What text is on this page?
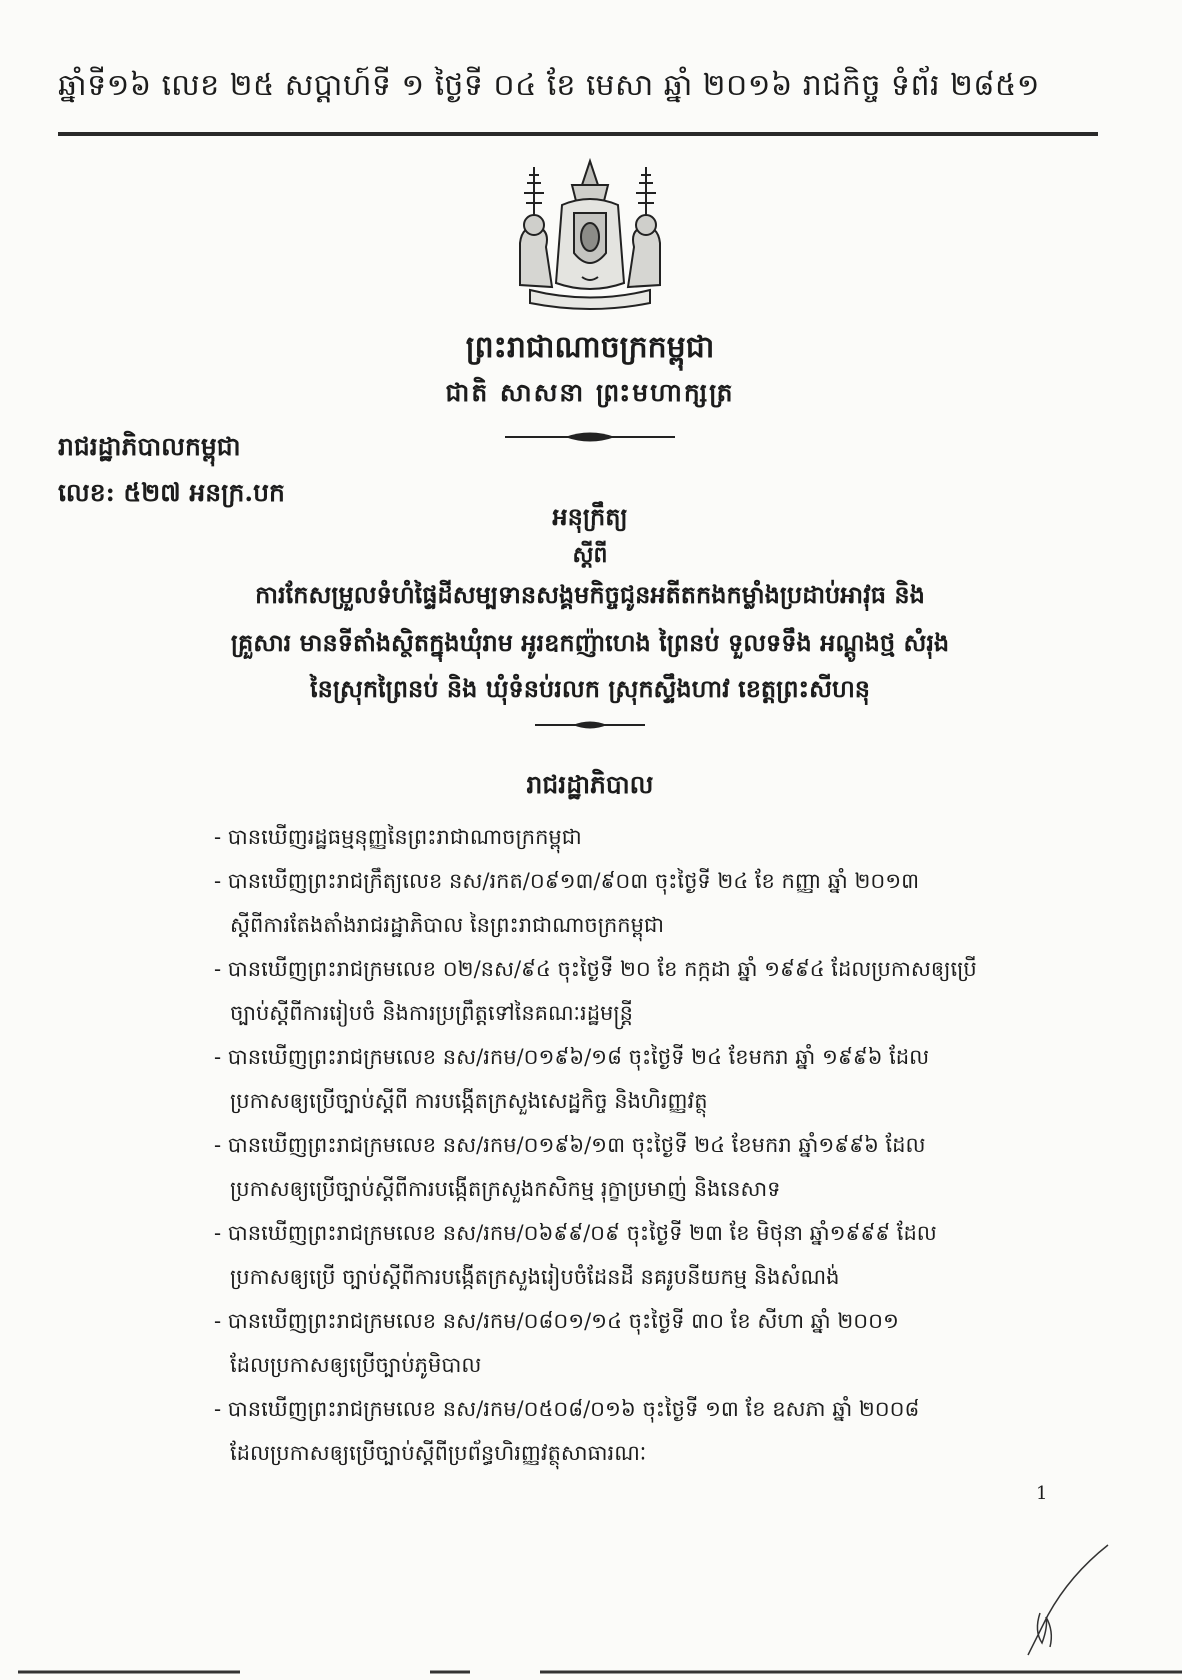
ឆ្នាំទី១៦ លេខ ២៥ សប្ដាហ៍ទី ១ ថ្ងៃទី ០៤ ខែ មេសា ឆ្នាំ ២០១៦ រាជកិច្ច ទំព័រ ២៨៥១
ព្រះរាជាណាចក្រកម្ពុជា
ជាតិ សាសនា ព្រះមហាក្សត្រ
រាជរដ្ឋាភិបាលកម្ពុជា
លេខ: ៥២៧ អនក្រ.បក
អនុក្រឹត្យ
ស្ដីពី
ការកែសម្រួលទំហំផ្ទៃដីសម្បទានសង្គមកិច្ចជូនអតីតកងកម្លាំងប្រដាប់អាវុធ និង
គ្រួសារ មានទីតាំងស្ថិតក្នុងឃុំរាម អូរឧកញ៉ាហេង ព្រៃនប់ ទួលទទឹង អណ្ដូងថ្ម សំរុង
នៃស្រុកព្រៃនប់ និង ឃុំទំនប់រលក ស្រុកស្ទឹងហាវ ខេត្តព្រះសីហនុ
រាជរដ្ឋាភិបាល
- បានឃើញរដ្ឋធម្មនុញ្ញនៃព្រះរាជាណាចក្រកម្ពុជា
- បានឃើញព្រះរាជក្រឹត្យលេខ នស/រកត/០៩១៣/៩០៣ ចុះថ្ងៃទី ២៤ ខែ កញ្ញា ឆ្នាំ ២០១៣
ស្ដីពីការតែងតាំងរាជរដ្ឋាភិបាល នៃព្រះរាជាណាចក្រកម្ពុជា
- បានឃើញព្រះរាជក្រមលេខ ០២/នស/៩៤ ចុះថ្ងៃទី ២០ ខែ កក្កដា ឆ្នាំ ១៩៩៤ ដែលប្រកាសឲ្យប្រើ
ច្បាប់ស្ដីពីការរៀបចំ និងការប្រព្រឹត្តទៅនៃគណៈរដ្ឋមន្ត្រី
- បានឃើញព្រះរាជក្រមលេខ នស/រកម/០១៩៦/១៨ ចុះថ្ងៃទី ២៤ ខែមករា ឆ្នាំ ១៩៩៦ ដែល
ប្រកាសឲ្យប្រើច្បាប់ស្ដីពី ការបង្កើតក្រសួងសេដ្ឋកិច្ច និងហិរញ្ញវត្ថុ
- បានឃើញព្រះរាជក្រមលេខ នស/រកម/០១៩៦/១៣ ចុះថ្ងៃទី ២៤ ខែមករា ឆ្នាំ១៩៩៦ ដែល
ប្រកាសឲ្យប្រើច្បាប់ស្ដីពីការបង្កើតក្រសួងកសិកម្ម រុក្ខាប្រមាញ់ និងនេសាទ
- បានឃើញព្រះរាជក្រមលេខ នស/រកម/០៦៩៩/០៩ ចុះថ្ងៃទី ២៣ ខែ មិថុនា ឆ្នាំ១៩៩៩ ដែល
ប្រកាសឲ្យប្រើ ច្បាប់ស្ដីពីការបង្កើតក្រសួងរៀបចំដែនដី នគរូបនីយកម្ម និងសំណង់
- បានឃើញព្រះរាជក្រមលេខ នស/រកម/០៨០១/១៤ ចុះថ្ងៃទី ៣០ ខែ សីហា ឆ្នាំ ២០០១
ដែលប្រកាសឲ្យប្រើច្បាប់ភូមិបាល
- បានឃើញព្រះរាជក្រមលេខ នស/រកម/០៥០៨/០១៦ ចុះថ្ងៃទី ១៣ ខែ ឧសភា ឆ្នាំ ២០០៨
ដែលប្រកាសឲ្យប្រើច្បាប់ស្ដីពីប្រព័ន្ធហិរញ្ញវត្ថុសាធារណៈ
1
